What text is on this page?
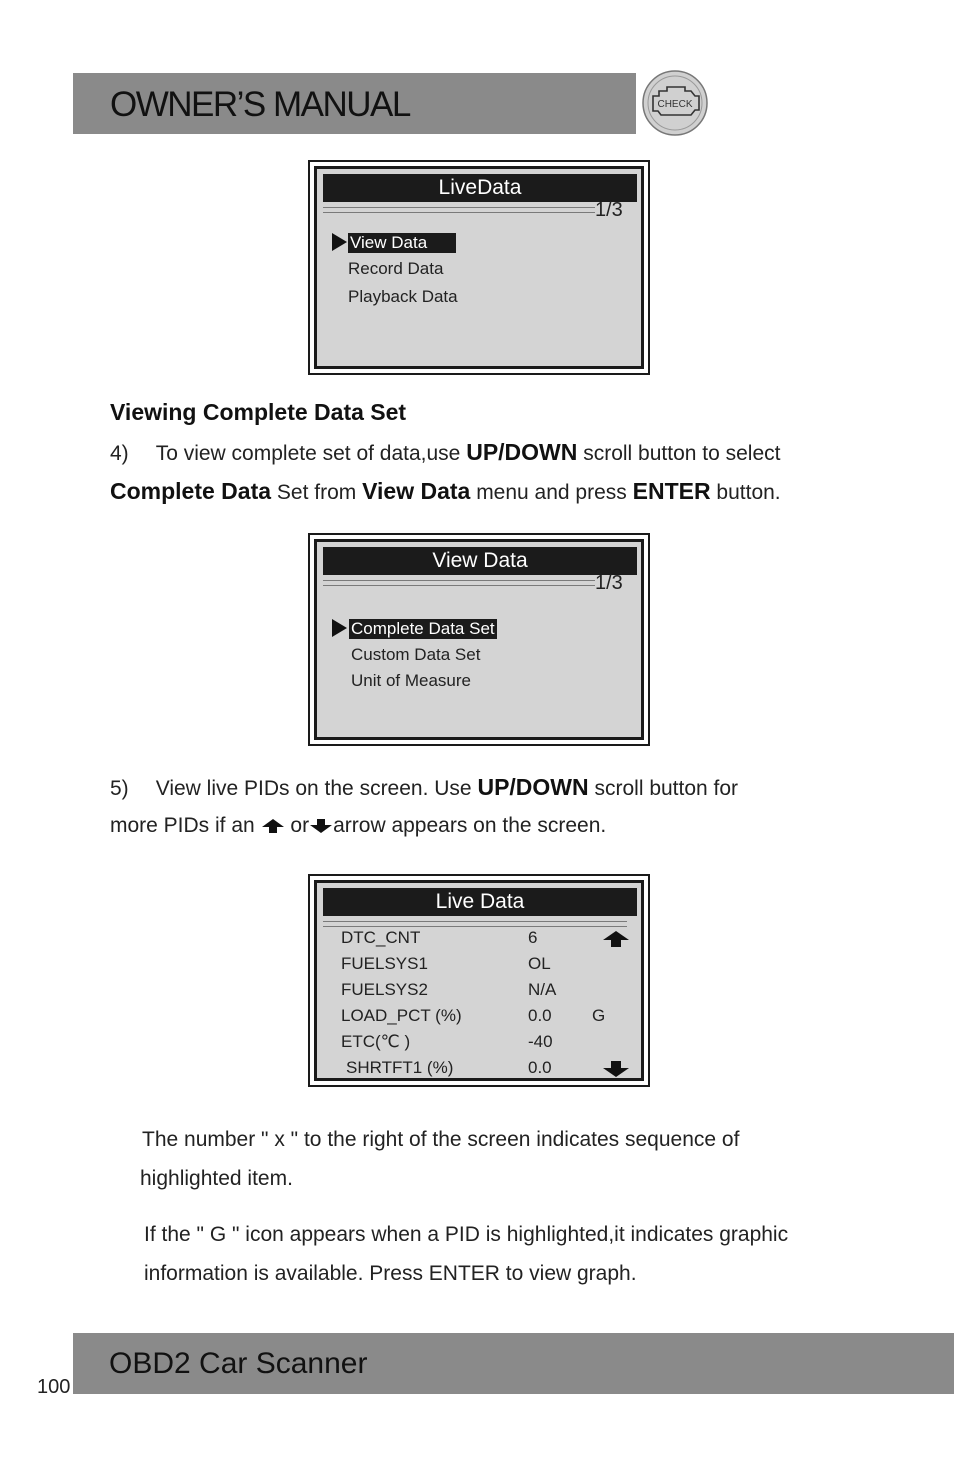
OWNER’S MANUAL	CHECK
LiveData
1/3
View Data
Record Data
Playback Data
Viewing Complete Data Set
4) To view complete set of data,use UP/DOWN scroll button to select
Complete Data Set from View Data menu and press ENTER button.
View Data
1/3
Complete Data Set
Custom Data Set
Unit of Measure
5) View live PIDs on the screen. Use UP/DOWN scroll button for
more PIDs if an or arrow appears on the screen.
Live Data
DTC_CNT	6
FUELSYS1	OL
FUELSYS2	N/A
LOAD_PCT (%)	0.0 G
ETC(℃ )	-40
SHRTFT1 (%)	0.0
The number " x " to the right of the screen indicates sequence of
highlighted item.
If the " G " icon appears when a PID is highlighted,it indicates graphic
information is available. Press ENTER to view graph.
OBD2 Car Scanner
100
